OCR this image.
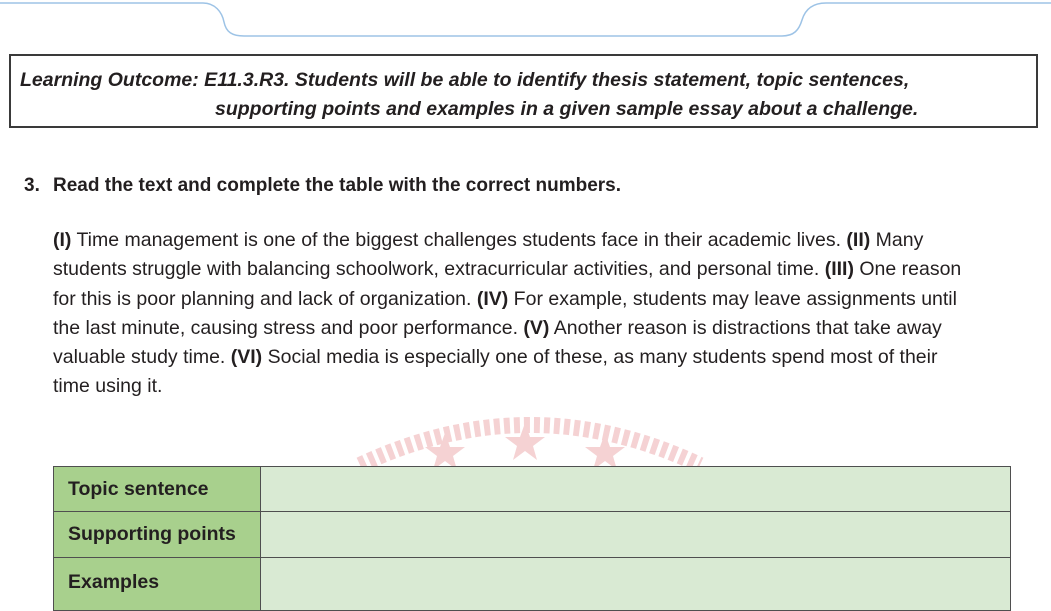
Learning Outcome: E11.3.R3. Students will be able to identify thesis statement, topic sentences,
supporting points and examples in a given sample essay about a challenge.
3. Read the text and complete the table with the correct numbers.
(I) Time management is one of the biggest challenges students face in their academic lives. (II) Many
students struggle with balancing schoolwork, extracurricular activities, and personal time. (III) One reason
for this is poor planning and lack of organization. (IV) For example, students may leave assignments until
the last minute, causing stress and poor performance. (V) Another reason is distractions that take away
valuable study time. (VI) Social media is especially one of these, as many students spend most of their
time using it.
Topic sentence	
Supporting points	
Examples	
